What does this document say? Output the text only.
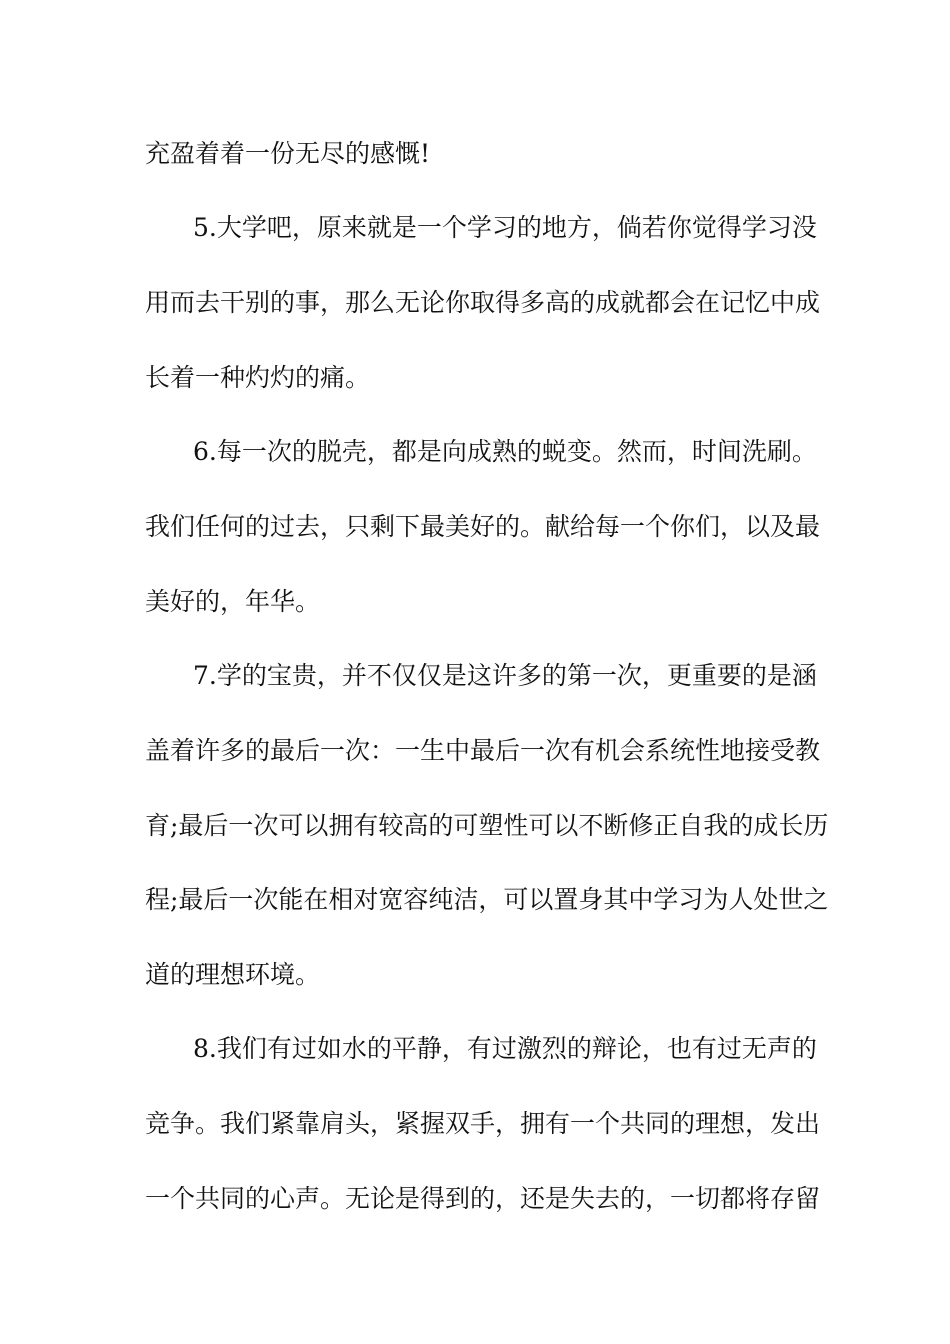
充盈着着一份无尽的感慨!
5.大学吧，原来就是一个学习的地方，倘若你觉得学习没
用而去干别的事，那么无论你取得多高的成就都会在记忆中成
长着一种灼灼的痛。
6.每一次的脱壳，都是向成熟的蜕变。然而，时间洗刷。
我们任何的过去，只剩下最美好的。献给每一个你们，以及最
美好的，年华。
7.学的宝贵，并不仅仅是这许多的第一次，更重要的是涵
盖着许多的最后一次：一生中最后一次有机会系统性地接受教
育;最后一次可以拥有较高的可塑性可以不断修正自我的成长历
程;最后一次能在相对宽容纯洁，可以置身其中学习为人处世之
道的理想环境。
8.我们有过如水的平静，有过激烈的辩论，也有过无声的
竞争。我们紧靠肩头，紧握双手，拥有一个共同的理想，发出
一个共同的心声。无论是得到的，还是失去的，一切都将存留
